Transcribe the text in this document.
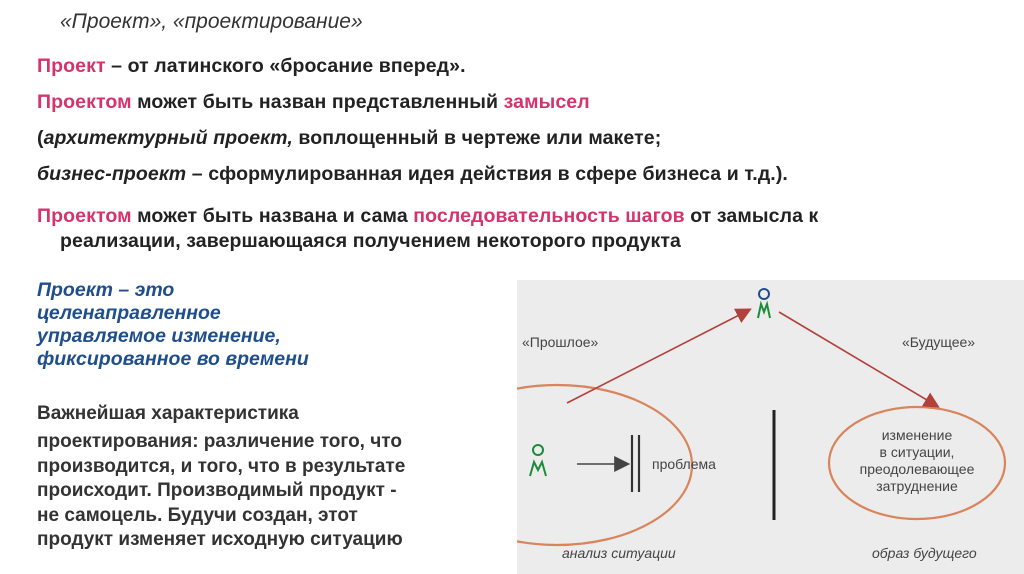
«Проект», «проектирование»
Проект – от латинского «бросание вперед».
Проектом может быть назван представленный замысел
(архитектурный проект, воплощенный в чертеже или макете;
бизнес-проект – сформулированная идея действия в сфере бизнеса и т.д.).
Проектом может быть названа и сама последовательность шагов от замысла к
реализации, завершающаяся получением некоторого продукта
Проект – это
целенаправленное
управляемое изменение,
фиксированное во времени
Важнейшая характеристика
проектирования: различение того, что
производится, и того, что в результате
происходит. Производимый продукт -
не самоцель. Будучи создан, этот
продукт изменяет исходную ситуацию
«Прошлое»	«Будущее»
проблема
изменение
в ситуации,
преодолевающее
затруднение
анализ ситуации	образ будущего
